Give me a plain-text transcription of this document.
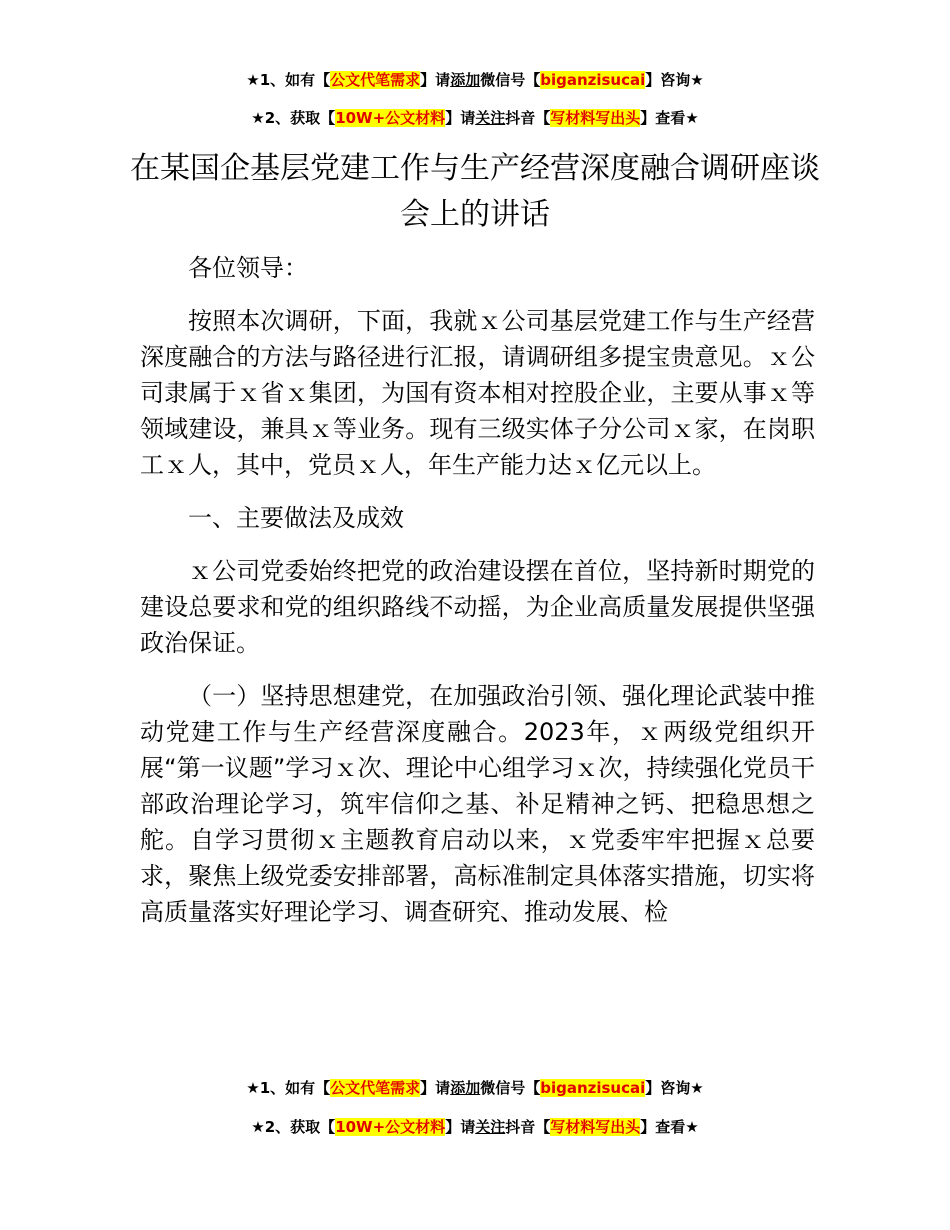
★1、如有【公文代笔需求】请添加微信号【biganzisucai】咨询★
★2、获取【10W+公文材料】请关注抖音【写材料写出头】查看★
在某国企基层党建工作与生产经营深度融合调研座谈会上的讲话

各位领导：

按照本次调研，下面，我就ｘ公司基层党建工作与生产经营深度融合的方法与路径进行汇报，请调研组多提宝贵意见。ｘ公司隶属于ｘ省ｘ集团，为国有资本相对控股企业，主要从事ｘ等领域建设，兼具ｘ等业务。现有三级实体子分公司ｘ家，在岗职工ｘ人，其中，党员ｘ人，年生产能力达ｘ亿元以上。

一、主要做法及成效

ｘ公司党委始终把党的政治建设摆在首位，坚持新时期党的建设总要求和党的组织路线不动摇，为企业高质量发展提供坚强政治保证。

（一）坚持思想建党，在加强政治引领、强化理论武装中推动党建工作与生产经营深度融合。2023年，ｘ两级党组织开展“第一议题”学习ｘ次、理论中心组学习ｘ次，持续强化党员干部政治理论学习，筑牢信仰之基、补足精神之钙、把稳思想之舵。自学习贯彻ｘ主题教育启动以来，ｘ党委牢牢把握ｘ总要求，聚焦上级党委安排部署，高标准制定具体落实措施，切实将高质量落实好理论学习、调查研究、推动发展、检

★1、如有【公文代笔需求】请添加微信号【biganzisucai】咨询★
★2、获取【10W+公文材料】请关注抖音【写材料写出头】查看★
